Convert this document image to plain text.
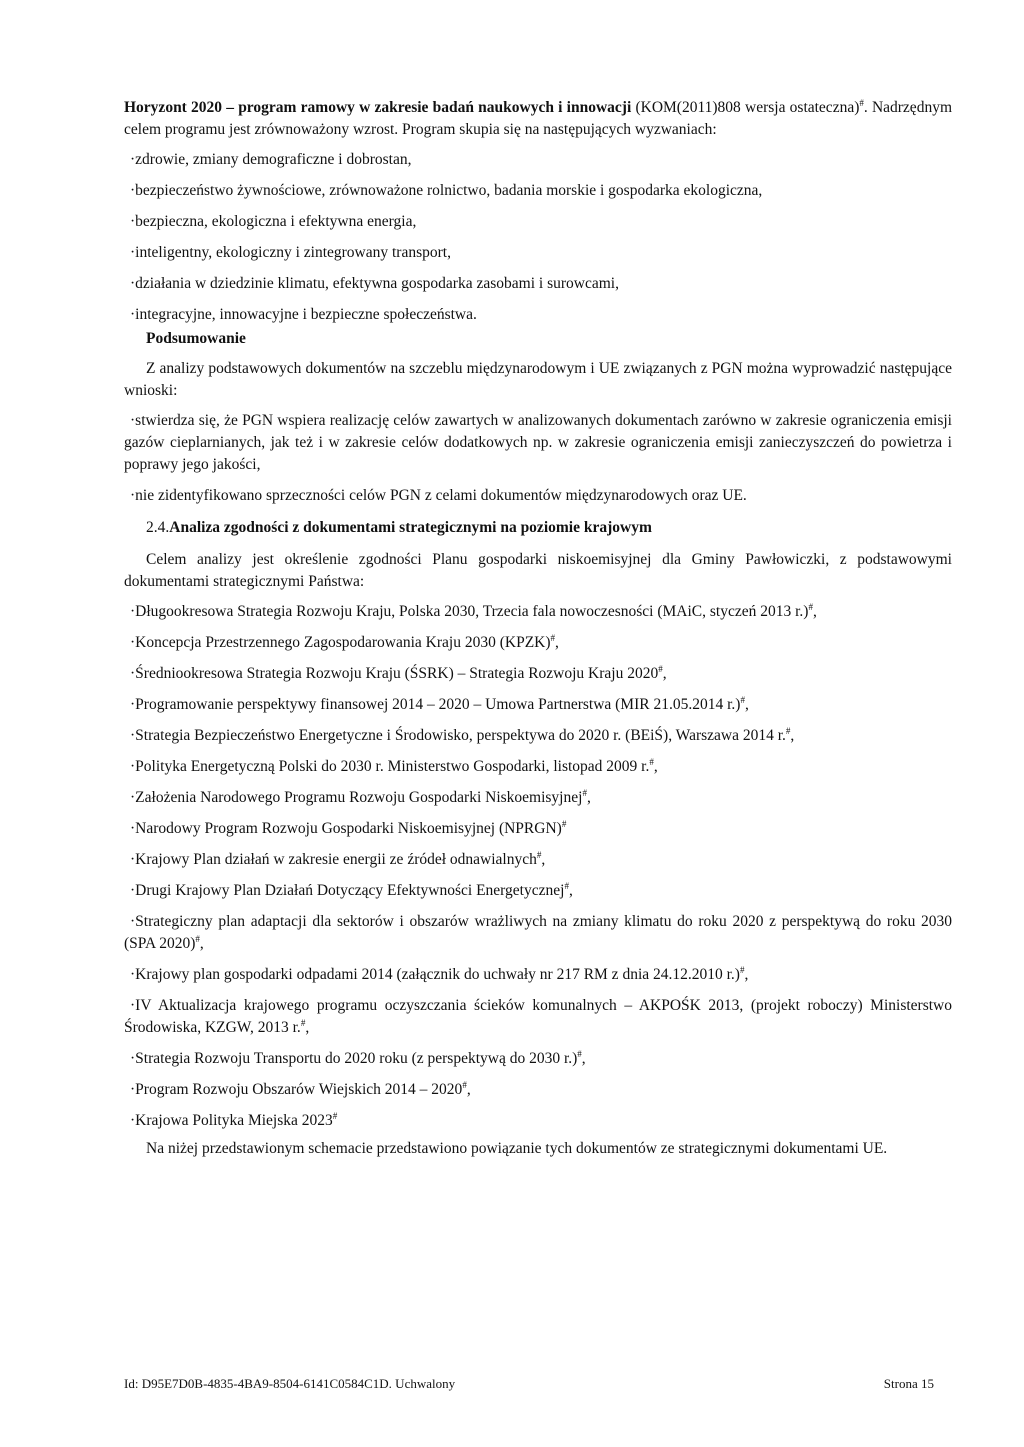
Horyzont 2020 – program ramowy w zakresie badań naukowych i innowacji (KOM(2011)808 wersja ostateczna)#. Nadrzędnym celem programu jest zrównoważony wzrost. Program skupia się na następujących wyzwaniach:

·zdrowie, zmiany demograficzne i dobrostan,
·bezpieczeństwo żywnościowe, zrównoważone rolnictwo, badania morskie i gospodarka ekologiczna,
·bezpieczna, ekologiczna i efektywna energia,
·inteligentny, ekologiczny i zintegrowany transport,
·działania w dziedzinie klimatu, efektywna gospodarka zasobami i surowcami,
·integracyjne, innowacyjne i bezpieczne społeczeństwa.

Podsumowanie

Z analizy podstawowych dokumentów na szczeblu międzynarodowym i UE związanych z PGN można wyprowadzić następujące wnioski:

·stwierdza się, że PGN wspiera realizację celów zawartych w analizowanych dokumentach zarówno w zakresie ograniczenia emisji gazów cieplarnianych, jak też i w zakresie celów dodatkowych np. w zakresie ograniczenia emisji zanieczyszczeń do powietrza i poprawy jego jakości,
·nie zidentyfikowano sprzeczności celów PGN z celami dokumentów międzynarodowych oraz UE.

2.4.Analiza zgodności z dokumentami strategicznymi na poziomie krajowym

Celem analizy jest określenie zgodności Planu gospodarki niskoemisyjnej dla Gminy Pawłowiczki, z podstawowymi dokumentami strategicznymi Państwa:

·Długookresowa Strategia Rozwoju Kraju, Polska 2030, Trzecia fala nowoczesności (MAiC, styczeń 2013 r.)#,
·Koncepcja Przestrzennego Zagospodarowania Kraju 2030 (KPZK)#,
·Średniookresowa Strategia Rozwoju Kraju (ŚSRK) – Strategia Rozwoju Kraju 2020#,
·Programowanie perspektywy finansowej 2014 – 2020 – Umowa Partnerstwa (MIR 21.05.2014 r.)#,
·Strategia Bezpieczeństwo Energetyczne i Środowisko, perspektywa do 2020 r. (BEiŚ), Warszawa 2014 r.#,
·Polityka Energetyczną Polski do 2030 r. Ministerstwo Gospodarki, listopad 2009 r.#,
·Założenia Narodowego Programu Rozwoju Gospodarki Niskoemisyjnej#,
·Narodowy Program Rozwoju Gospodarki Niskoemisyjnej (NPRGN)#
·Krajowy Plan działań w zakresie energii ze źródeł odnawialnych#,
·Drugi Krajowy Plan Działań Dotyczący Efektywności Energetycznej#,
·Strategiczny plan adaptacji dla sektorów i obszarów wrażliwych na zmiany klimatu do roku 2020 z perspektywą do roku 2030 (SPA 2020)#,
·Krajowy plan gospodarki odpadami 2014 (załącznik do uchwały nr 217 RM z dnia 24.12.2010 r.)#,
·IV Aktualizacja krajowego programu oczyszczania ścieków komunalnych – AKPOŚK 2013, (projekt roboczy) Ministerstwo Środowiska, KZGW, 2013 r.#,
·Strategia Rozwoju Transportu do 2020 roku (z perspektywą do 2030 r.)#,
·Program Rozwoju Obszarów Wiejskich 2014 – 2020#,
·Krajowa Polityka Miejska 2023#

Na niżej przedstawionym schemacie przedstawiono powiązanie tych dokumentów ze strategicznymi dokumentami UE.

Id: D95E7D0B-4835-4BA9-8504-6141C0584C1D. Uchwalony	Strona 15
